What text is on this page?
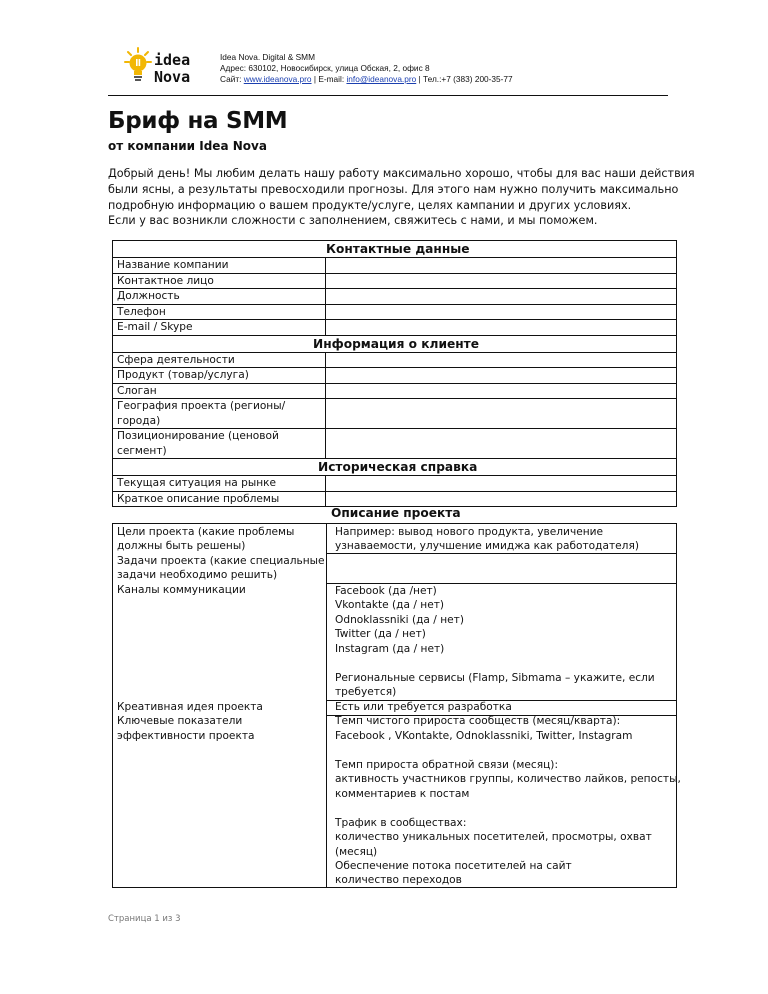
idea
Nova
Idea Nova. Digital & SMM
Адрес: 630102, Новосибирск, улица Обская, 2, офис 8
Сайт: www.ideanova.pro | E-mail: info@ideanova.pro | Тел.:+7 (383) 200-35-77
Бриф на SMM
от компании Idea Nova
Добрый день! Мы любим делать нашу работу максимально хорошо, чтобы для вас наши действия
были ясны, а результаты превосходили прогнозы. Для этого нам нужно получить максимально
подробную информацию о вашем продукте/услуге, целях кампании и других условиях.
Если у вас возникли сложности с заполнением, свяжитесь с нами, и мы поможем.
Контактные данные
Название компании
Контактное лицо
Должность
Телефон
E-mail / Skype
Информация о клиенте
Сфера деятельности
Продукт (товар/услуга)
Слоган
География проекта (регионы/города)
Позиционирование (ценовой
сегмент)
Историческая справка
Текущая ситуация на рынке
Краткое описание проблемы
Описание проекта
Цели проекта (какие проблемы
должны быть решены)
Задачи проекта (какие специальные
задачи необходимо решить)
Каналы коммуникации
Креативная идея проекта
Ключевые показатели
эффективности проекта
Например: вывод нового продукта, увеличение
узнаваемости, улучшение имиджа как работодателя)
Facebook (да /нет)
Vkontakte (да / нет)
Odnoklassniki (да / нет)
Twitter (да / нет)
Instagram (да / нет)
Региональные сервисы (Flamp, Sibmama – укажите, если
требуется)
Есть или требуется разработка
Темп чистого прироста сообществ (месяц/кварта):
Facebook , VKontakte, Odnoklassniki, Twitter, Instagram
Темп прироста обратной связи (месяц):
активность участников группы, количество лайков, репосты,
комментариев к постам
Трафик в сообществах:
количество уникальных посетителей, просмотры, охват
(месяц)
Обеспечение потока посетителей на сайт
количество переходов
Страница 1 из 3
